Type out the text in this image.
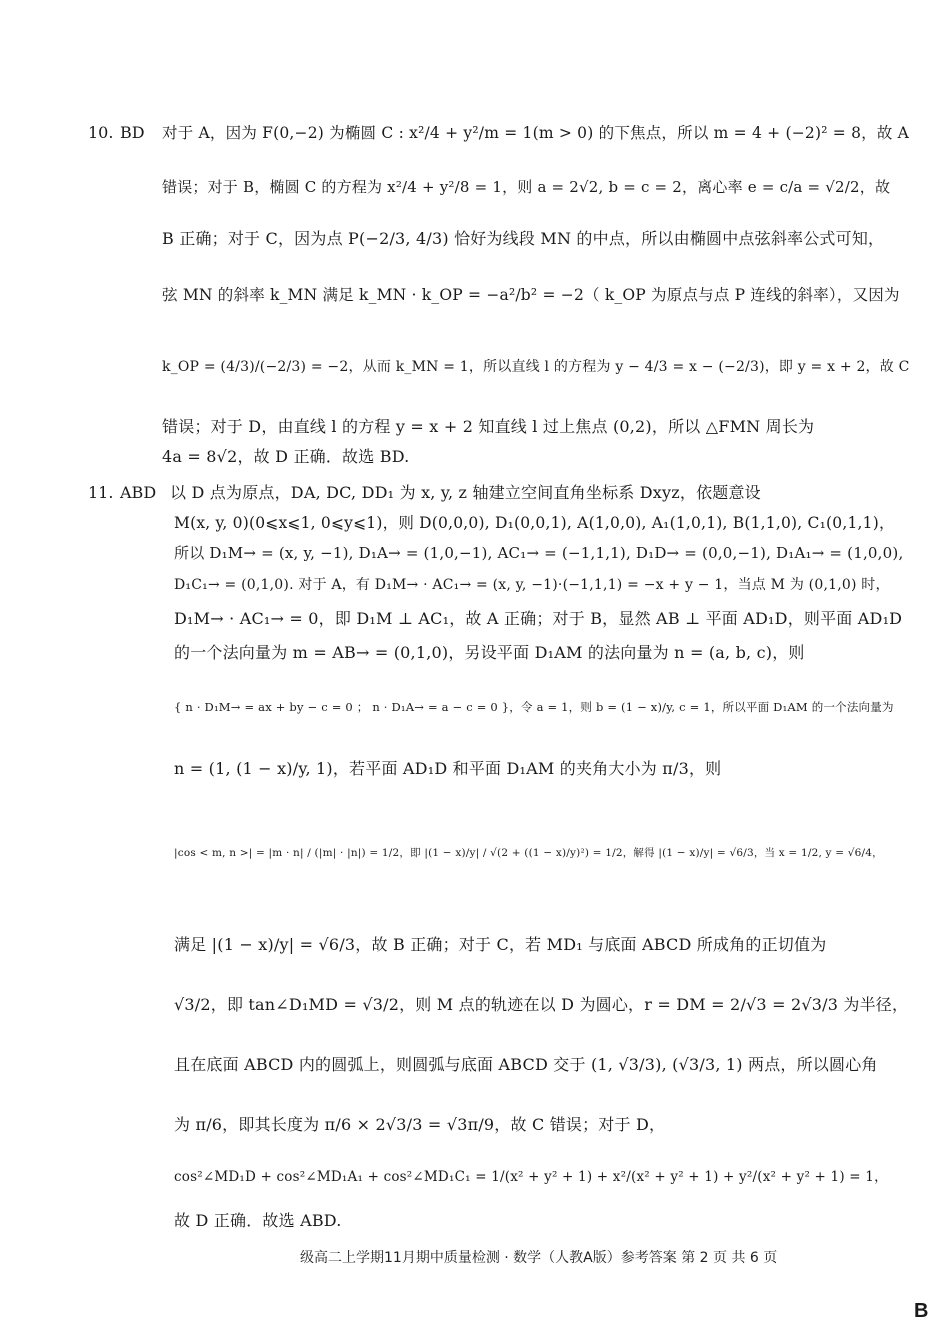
10. BD 对于 A，因为 F(0,−2) 为椭圆 C : x²/4 + y²/m = 1(m > 0) 的下焦点，所以 m = 4 + (−2)² = 8，故 A
错误；对于 B，椭圆 C 的方程为 x²/4 + y²/8 = 1，则 a = 2√2, b = c = 2，离心率 e = c/a = √2/2，故
B 正确；对于 C，因为点 P(−2/3, 4/3) 恰好为线段 MN 的中点，所以由椭圆中点弦斜率公式可知，
弦 MN 的斜率 k_MN 满足 k_MN · k_OP = −a²/b² = −2（ k_OP 为原点与点 P 连线的斜率），又因为
k_OP = (4/3)/(−2/3) = −2，从而 k_MN = 1，所以直线 l 的方程为 y − 4/3 = x − (−2/3)，即 y = x + 2，故 C
错误；对于 D，由直线 l 的方程 y = x + 2 知直线 l 过上焦点 (0,2)，所以 △FMN 周长为
4a = 8√2，故 D 正确．故选 BD.
11. ABD 以 D 点为原点，DA, DC, DD₁ 为 x, y, z 轴建立空间直角坐标系 Dxyz，依题意设
M(x, y, 0)(0⩽x⩽1, 0⩽y⩽1)，则 D(0,0,0), D₁(0,0,1), A(1,0,0), A₁(1,0,1), B(1,1,0), C₁(0,1,1)，
所以 D₁M→ = (x, y, −1), D₁A→ = (1,0,−1), AC₁→ = (−1,1,1), D₁D→ = (0,0,−1), D₁A₁→ = (1,0,0),
D₁C₁→ = (0,1,0). 对于 A，有 D₁M→ · AC₁→ = (x, y, −1)·(−1,1,1) = −x + y − 1，当点 M 为 (0,1,0) 时，
D₁M→ · AC₁→ = 0，即 D₁M ⊥ AC₁，故 A 正确；对于 B，显然 AB ⊥ 平面 AD₁D，则平面 AD₁D
的一个法向量为 m = AB→ = (0,1,0)，另设平面 D₁AM 的法向量为 n = (a, b, c)，则
{ n · D₁M→ = ax + by − c = 0 ； n · D₁A→ = a − c = 0 }，令 a = 1，则 b = (1 − x)/y, c = 1，所以平面 D₁AM 的一个法向量为
n = (1, (1 − x)/y, 1)，若平面 AD₁D 和平面 D₁AM 的夹角大小为 π/3，则
|cos < m, n >| = |m · n| / (|m| · |n|) = 1/2，即 |(1 − x)/y| / √(2 + ((1 − x)/y)²) = 1/2，解得 |(1 − x)/y| = √6/3，当 x = 1/2, y = √6/4，
满足 |(1 − x)/y| = √6/3，故 B 正确；对于 C，若 MD₁ 与底面 ABCD 所成角的正切值为
√3/2，即 tan∠D₁MD = √3/2，则 M 点的轨迹在以 D 为圆心，r = DM = 2/√3 = 2√3/3 为半径，
且在底面 ABCD 内的圆弧上，则圆弧与底面 ABCD 交于 (1, √3/3), (√3/3, 1) 两点，所以圆心角
为 π/6，即其长度为 π/6 × 2√3/3 = √3π/9，故 C 错误；对于 D，
cos²∠MD₁D + cos²∠MD₁A₁ + cos²∠MD₁C₁ = 1/(x² + y² + 1) + x²/(x² + y² + 1) + y²/(x² + y² + 1) = 1，
故 D 正确．故选 ABD.
级高二上学期11月期中质量检测 · 数学（人教A版）参考答案 第 2 页 共 6 页
B
